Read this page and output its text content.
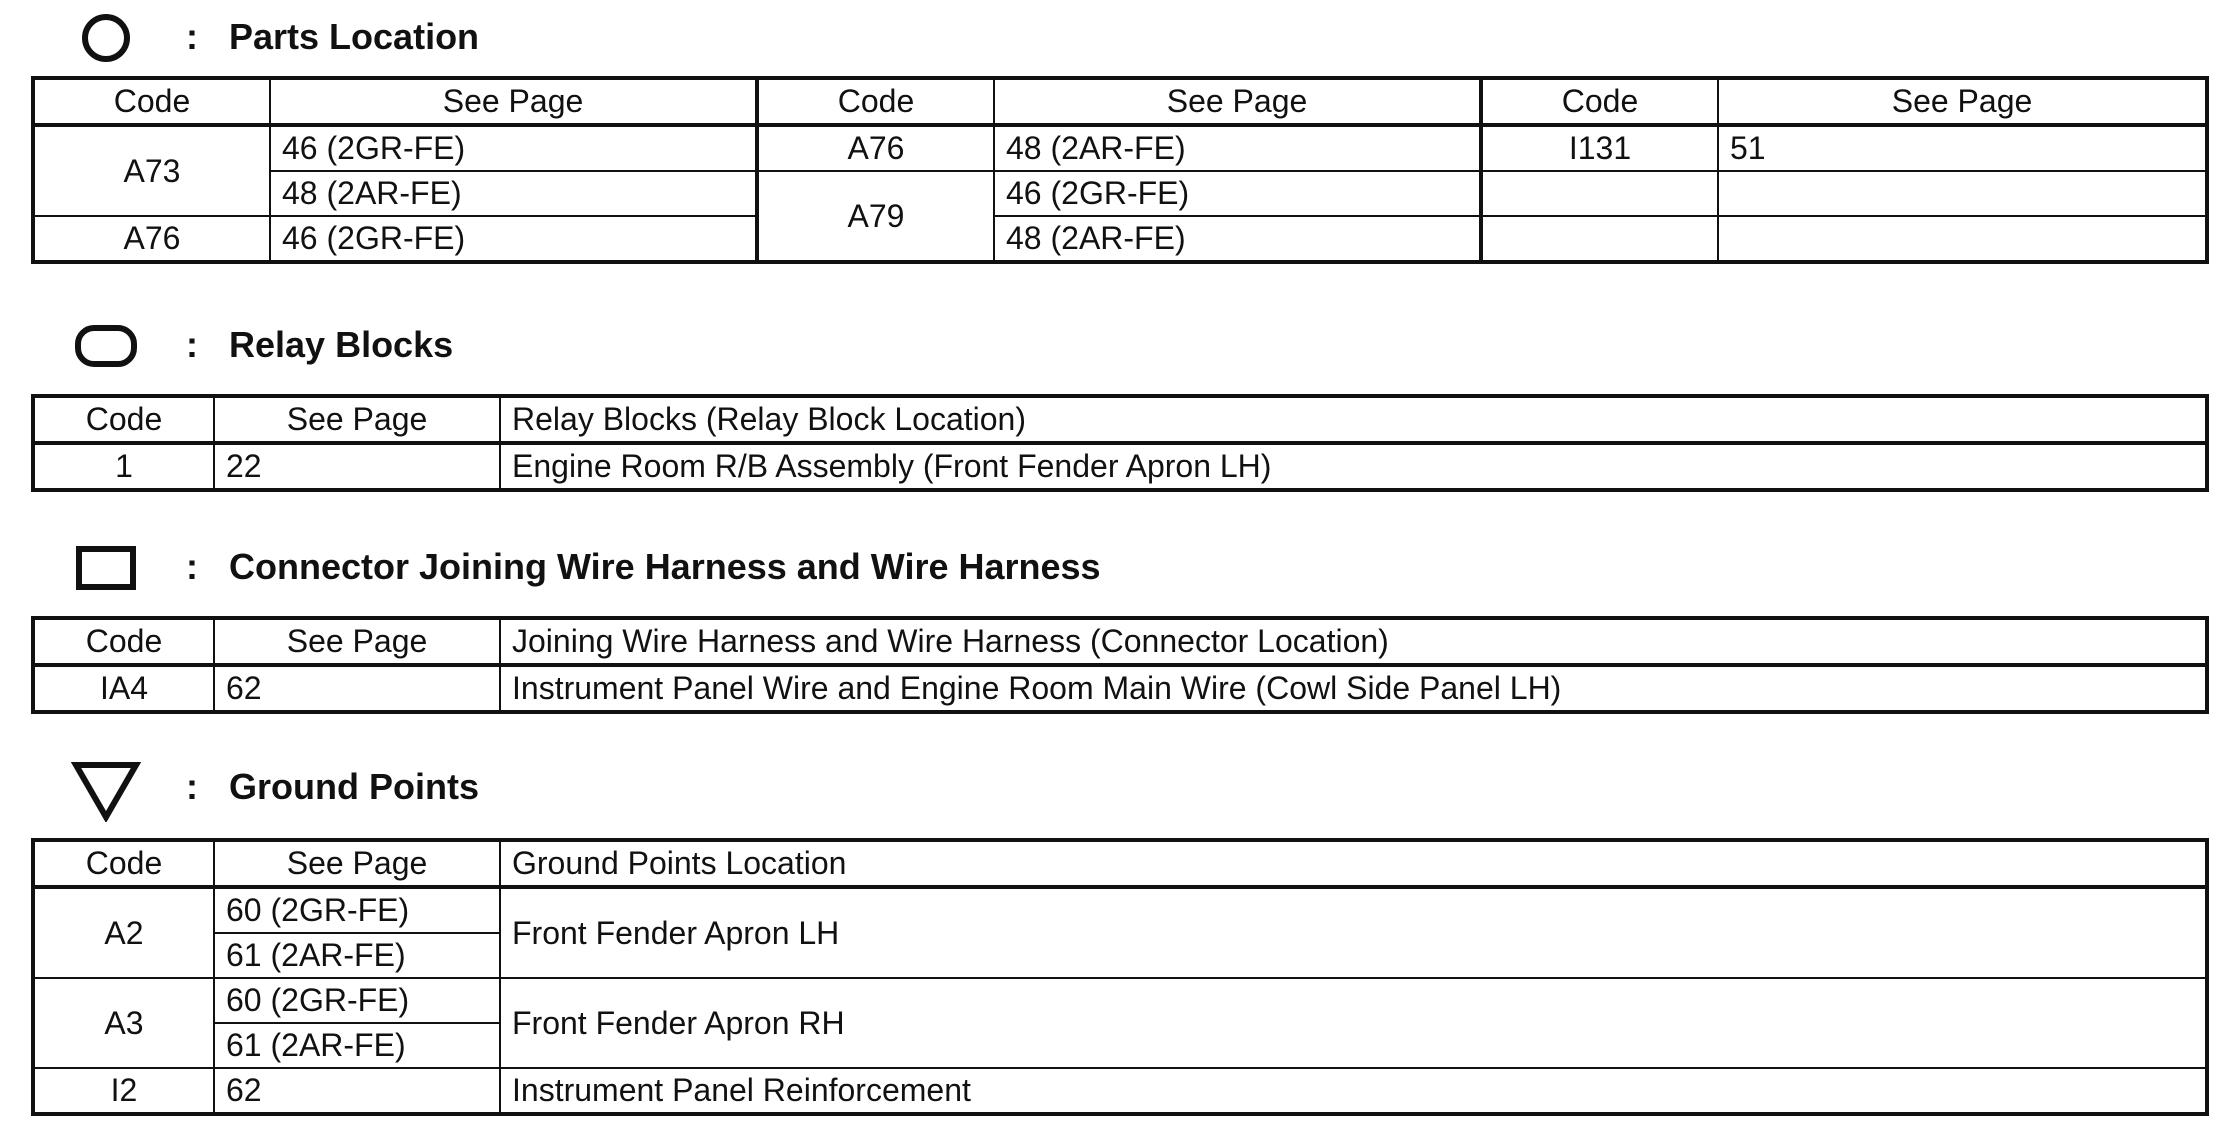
: Parts Location
Code	See Page	Code	See Page	Code	See Page
A73	46 (2GR-FE)	A76	48 (2AR-FE)	I131	51
	48 (2AR-FE)	A79	46 (2GR-FE)		
A76	46 (2GR-FE)		48 (2AR-FE)		
: Relay Blocks
Code	See Page	Relay Blocks (Relay Block Location)
1	22	Engine Room R/B Assembly (Front Fender Apron LH)
: Connector Joining Wire Harness and Wire Harness
Code	See Page	Joining Wire Harness and Wire Harness (Connector Location)
IA4	62	Instrument Panel Wire and Engine Room Main Wire (Cowl Side Panel LH)
: Ground Points
Code	See Page	Ground Points Location
A2	60 (2GR-FE)	Front Fender Apron LH
	61 (2AR-FE)	
A3	60 (2GR-FE)	Front Fender Apron RH
	61 (2AR-FE)	
I2	62	Instrument Panel Reinforcement
